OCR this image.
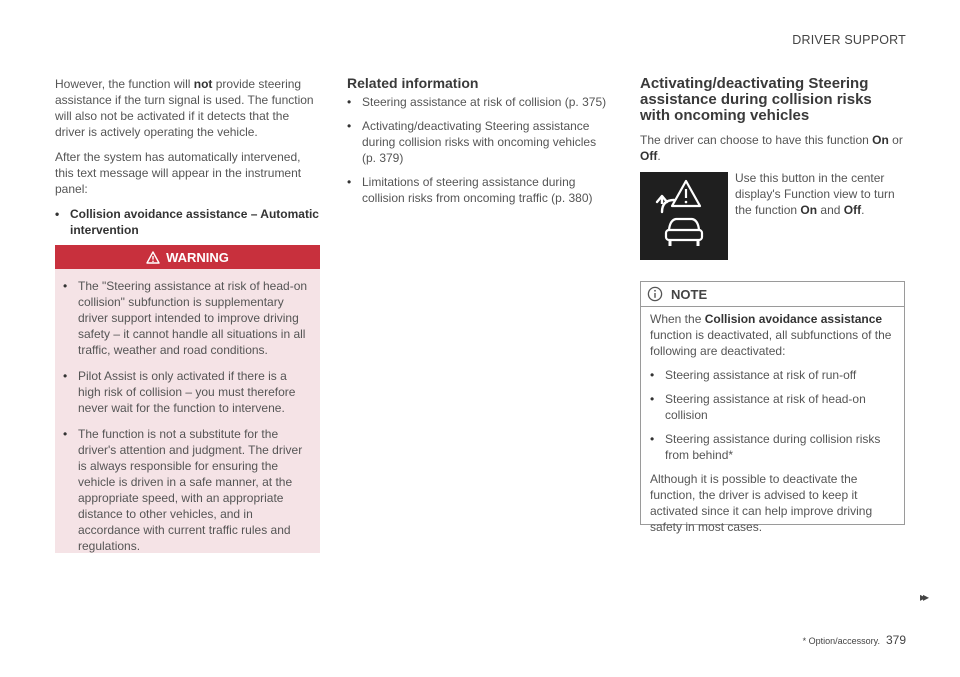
DRIVER SUPPORT

However, the function will not provide steering assistance if the turn signal is used. The function will also not be activated if it detects that the driver is actively operating the vehicle.

After the system has automatically intervened, this text message will appear in the instrument panel:

• Collision avoidance assistance – Automatic intervention
WARNING
• The "Steering assistance at risk of head-on collision" subfunction is supplementary driver support intended to improve driving safety – it cannot handle all situations in all traffic, weather and road conditions.
• Pilot Assist is only activated if there is a high risk of collision – you must therefore never wait for the function to intervene.
• The function is not a substitute for the driver's attention and judgment. The driver is always responsible for ensuring the vehicle is driven in a safe manner, at the appropriate speed, with an appropriate distance to other vehicles, and in accordance with current traffic rules and regulations.
Related information
• Steering assistance at risk of collision (p. 375)
• Activating/deactivating Steering assistance during collision risks with oncoming vehicles (p. 379)
• Limitations of steering assistance during collision risks from oncoming traffic (p. 380)
Activating/deactivating Steering assistance during collision risks with oncoming vehicles

The driver can choose to have this function On or Off.

Use this button in the center display's Function view to turn the function On and Off.
NOTE

When the Collision avoidance assistance function is deactivated, all subfunctions of the following are deactivated:

• Steering assistance at risk of run-off
• Steering assistance at risk of head-on collision
• Steering assistance during collision risks from behind*

Although it is possible to deactivate the function, the driver is advised to keep it activated since it can help improve driving safety in most cases.

▸▸
* Option/accessory. 379
